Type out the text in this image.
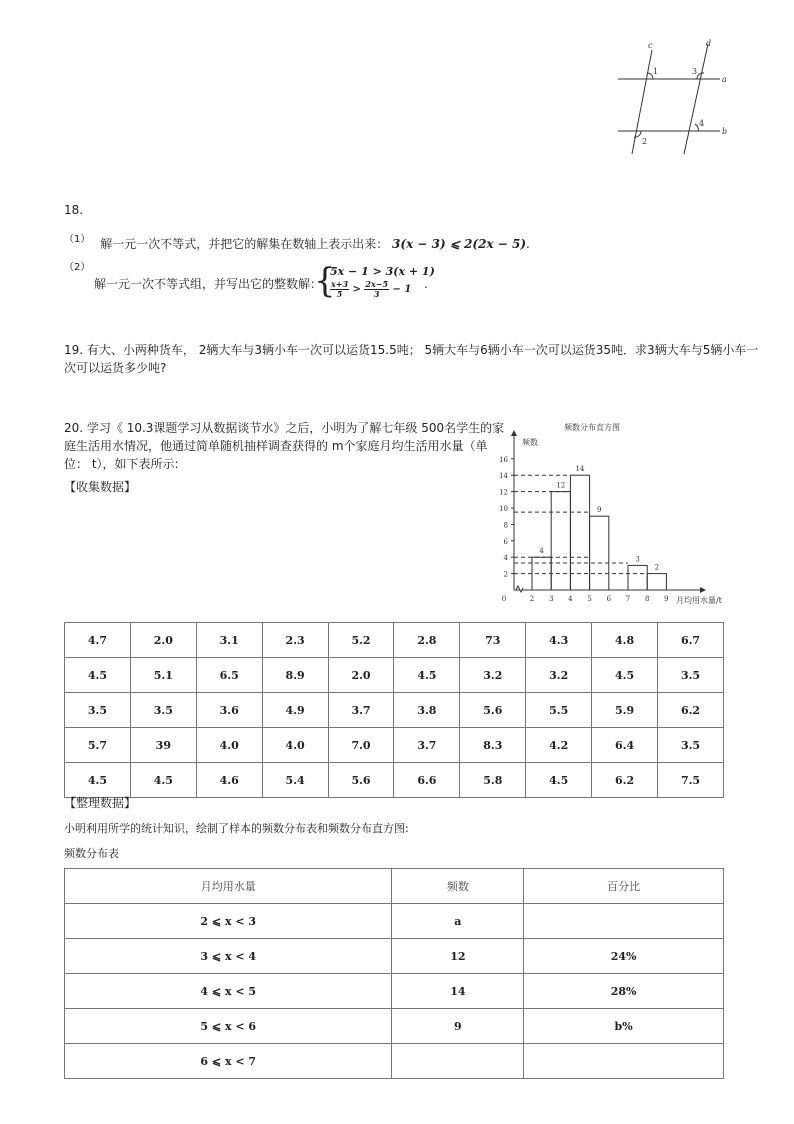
c	d
a
b
1	3
2
4
18.
$^{(1)}$ 解一元一次不等式，并把它的解集在数轴上表示出来： 3(x − 3) ⩽ 2(2x − 5).
$^{(2)}$
解一元一次不等式组，并写出它的整数解：
{
5x − 1 > 3(x + 1)
$\frac{x+3}{5} > \frac{2x-5}{3} - 1$ .
19. 有大、小两种货车， 2辆大车与3辆小车一次可以运货15.5吨； 5辆大车与6辆小车一次可以运货35吨．求3辆大车与5辆小车一
次可以运货多少吨?
20. 学习《 10.3课题学习从数据谈节水》之后，小明为了解七年级 500名学生的家
庭生活用水情况，他通过简单随机抽样调查获得的 m个家庭月均生活用水量（单
位： t），如下表所示:
【收集数据】
频数分布直方图
频数
月均用水量/t
2
4
6
8
10
12
14
16
0	2 3 4 5 6 7 8 9
4
12
14
9
3
2
4.7	2.0	3.1	2.3	5.2	2.8	73	4.3	4.8	6.7
4.5	5.1	6.5	8.9	2.0	4.5	3.2	3.2	4.5	3.5
3.5	3.5	3.6	4.9	3.7	3.8	5.6	5.5	5.9	6.2
5.7	39	4.0	4.0	7.0	3.7	8.3	4.2	6.4	3.5
4.5	4.5	4.6	5.4	5.6	6.6	5.8	4.5	6.2	7.5
【整理数据】
小明利用所学的统计知识，绘制了样本的频数分布表和频数分布直方图:
频数分布表
月均用水量	频数	百分比
2 ⩽ x < 3	a	
3 ⩽ x < 4	12	24%
4 ⩽ x < 5	14	28%
5 ⩽ x < 6	9	b%
6 ⩽ x < 7		
